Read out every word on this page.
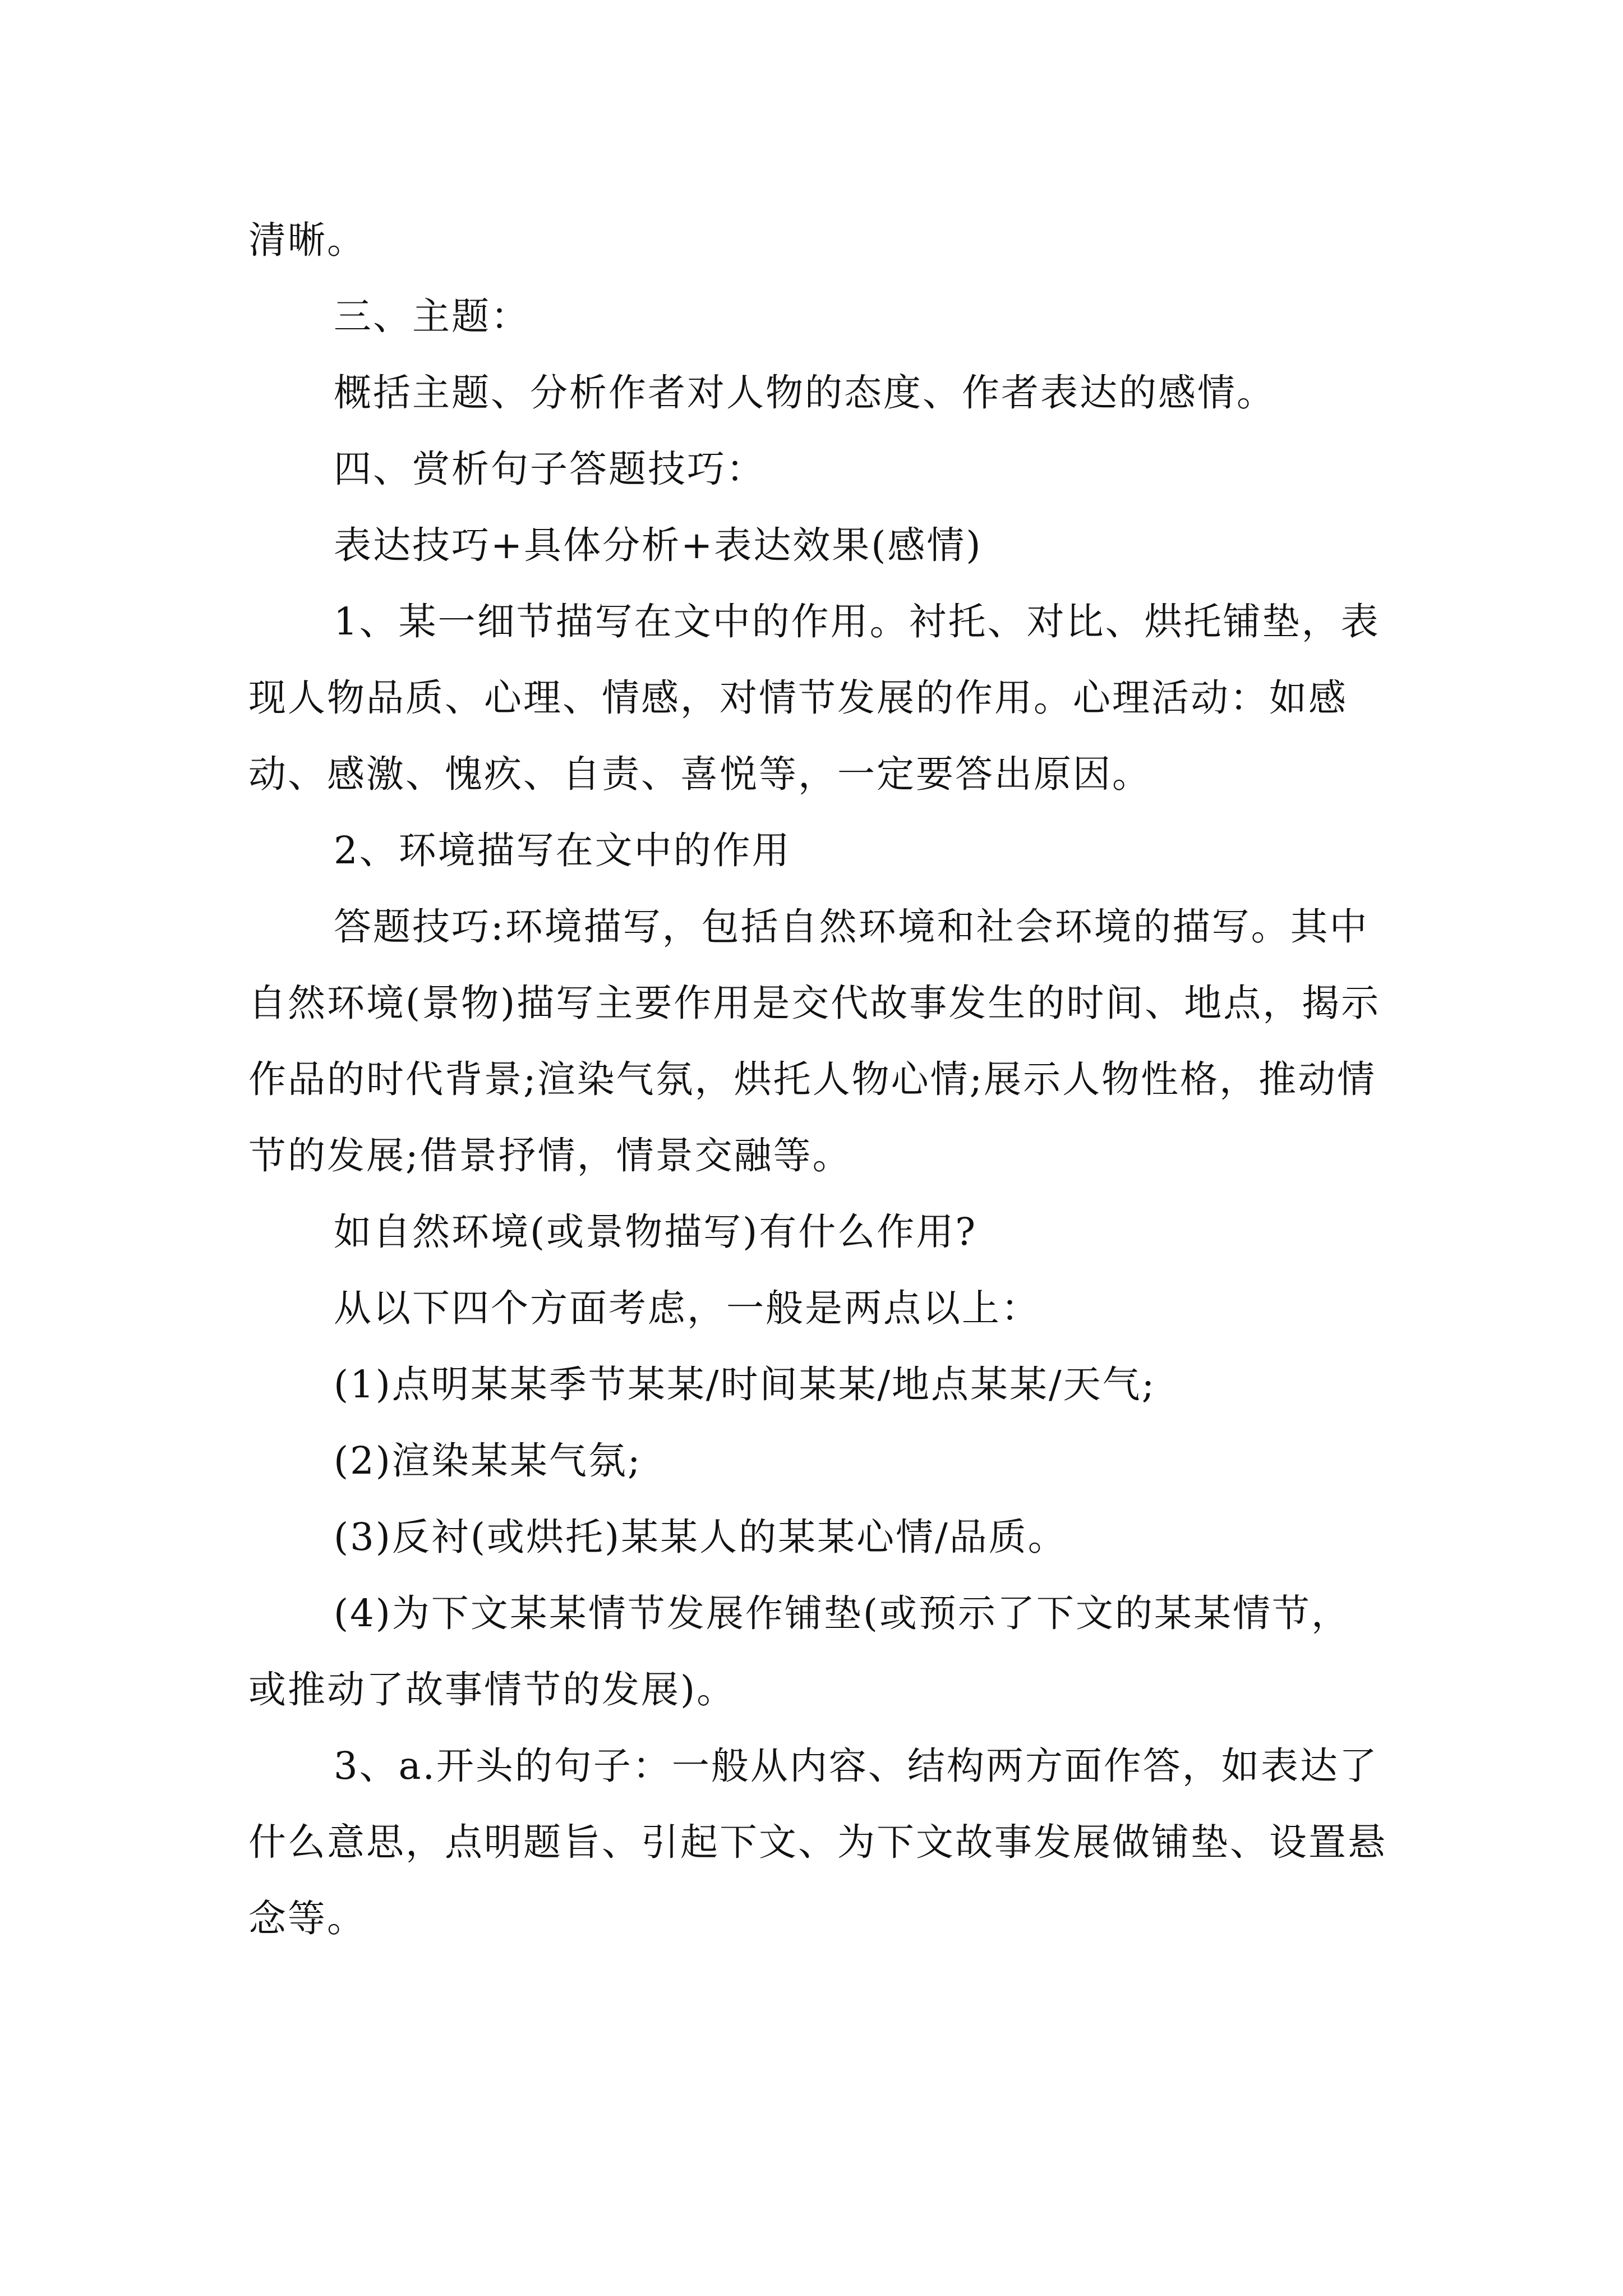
清晰。

三、主题：

概括主题、分析作者对人物的态度、作者表达的感情。

四、赏析句子答题技巧：

表达技巧+具体分析+表达效果(感情)

1、某一细节描写在文中的作用。衬托、对比、烘托铺垫，表现人物品质、心理、情感，对情节发展的作用。心理活动：如感动、感激、愧疚、自责、喜悦等，一定要答出原因。

2、环境描写在文中的作用

答题技巧:环境描写，包括自然环境和社会环境的描写。其中自然环境(景物)描写主要作用是交代故事发生的时间、地点，揭示作品的时代背景;渲染气氛，烘托人物心情;展示人物性格，推动情节的发展;借景抒情，情景交融等。

如自然环境(或景物描写)有什么作用?

从以下四个方面考虑，一般是两点以上：

(1)点明某某季节某某/时间某某/地点某某/天气;

(2)渲染某某气氛;

(3)反衬(或烘托)某某人的某某心情/品质。

(4)为下文某某情节发展作铺垫(或预示了下文的某某情节，或推动了故事情节的发展)。

3、a.开头的句子：一般从内容、结构两方面作答，如表达了什么意思，点明题旨、引起下文、为下文故事发展做铺垫、设置悬念等。
